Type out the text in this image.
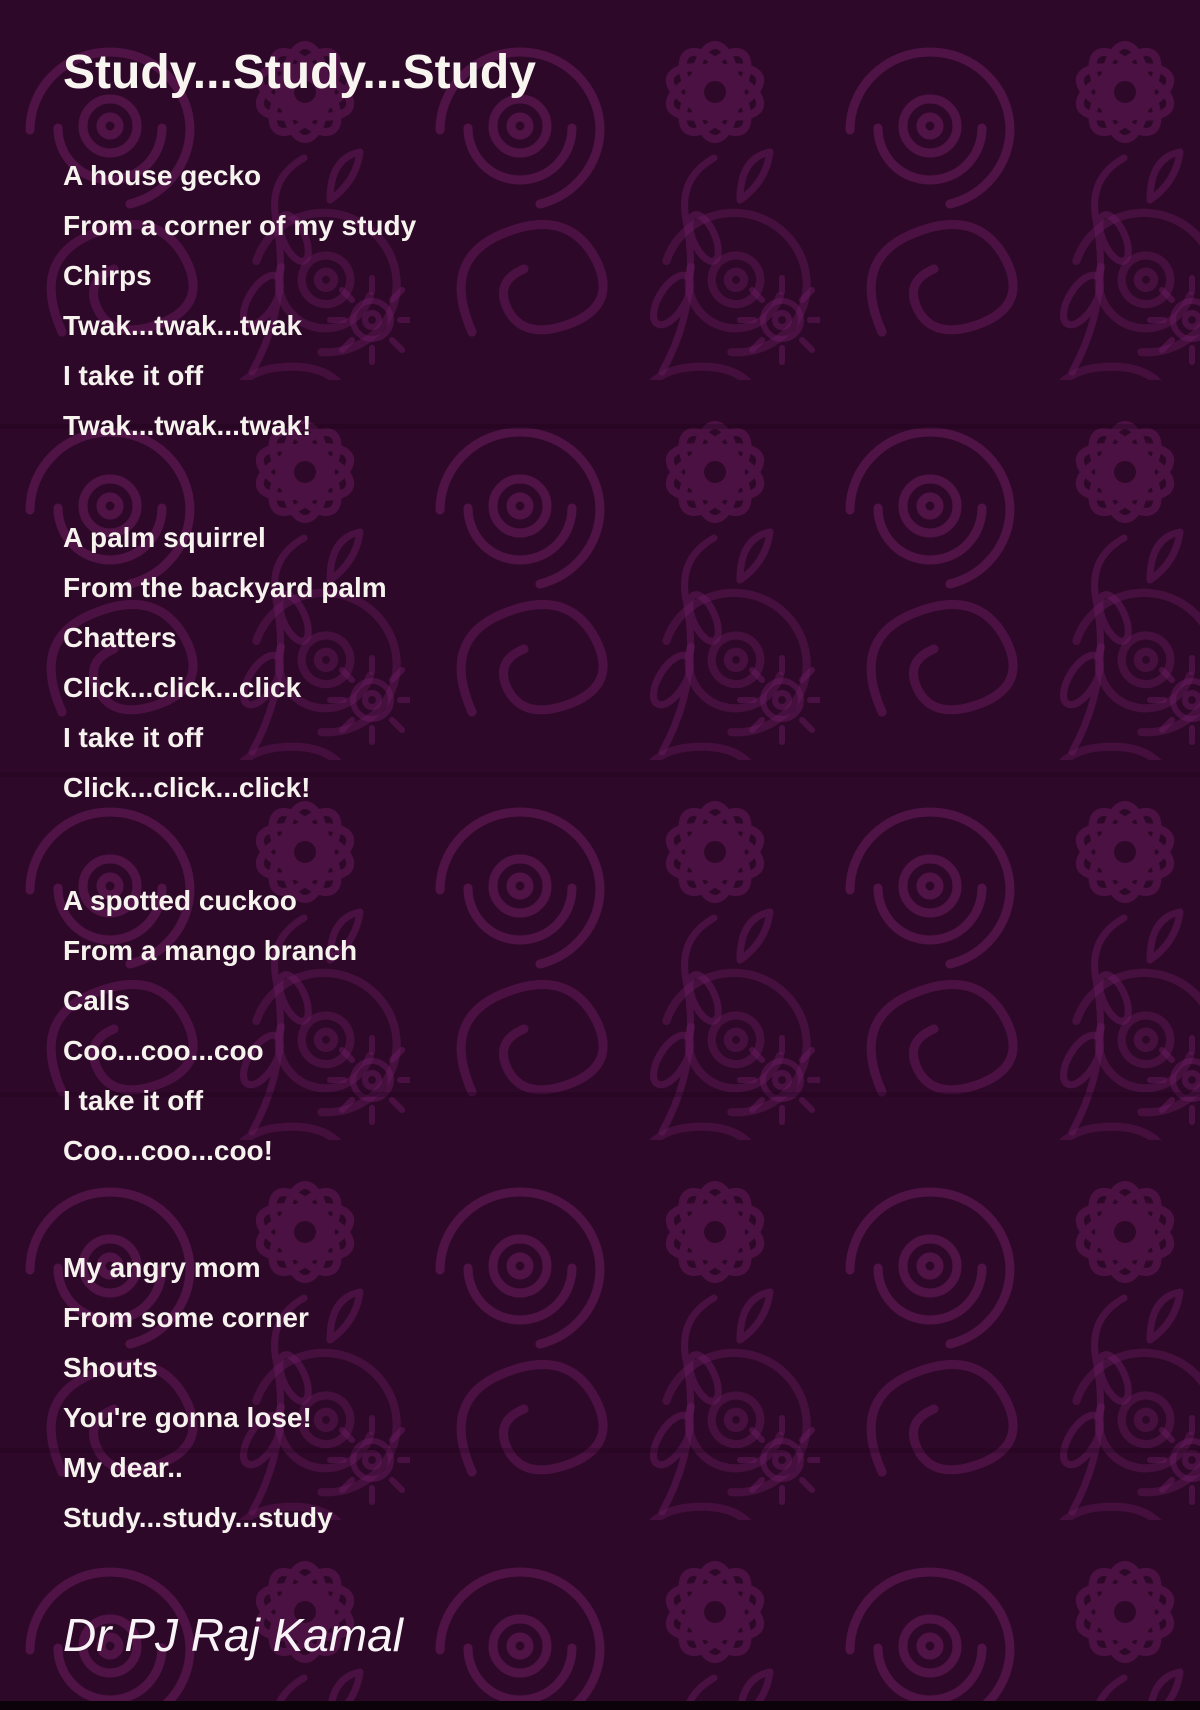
Study...Study...Study

A house gecko

From a corner of my study

Chirps

Twak...twak...twak

I take it off

Twak...twak...twak!

A palm squirrel

From the backyard palm

Chatters

Click...click...click

I take it off

Click...click...click!

A spotted cuckoo

From a mango branch

Calls

Coo...coo...coo

I take it off

Coo...coo...coo!

My angry mom

From some corner

Shouts

You're gonna lose!

My dear..

Study...study...study

Dr PJ Raj Kamal
